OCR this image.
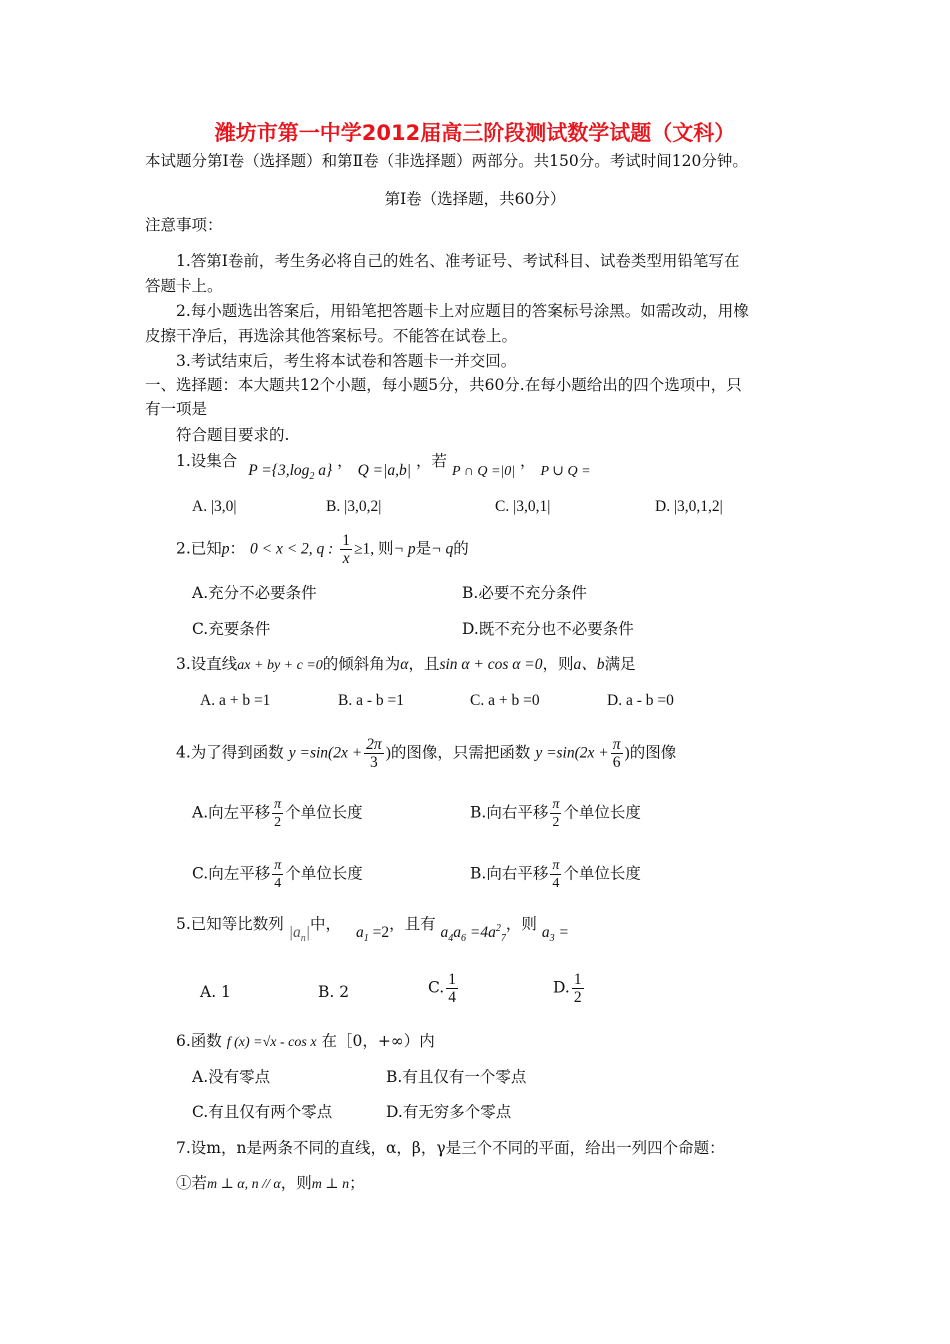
潍坊市第一中学2012届高三阶段测试数学试题（文科）
本试题分第Ⅰ卷（选择题）和第Ⅱ卷（非选择题）两部分。共150分。考试时间120分钟。
第Ⅰ卷（选择题，共60分）
注意事项：
1.答第Ⅰ卷前，考生务必将自己的姓名、准考证号、考试科目、试卷类型用铅笔写在
答题卡上。
2.每小题选出答案后，用铅笔把答题卡上对应题目的答案标号涂黑。如需改动，用橡
皮擦干净后，再选涂其他答案标号。不能答在试卷上。
3.考试结束后，考生将本试卷和答题卡一并交回。
一、选择题：本大题共12个小题，每小题5分，共60分.在每小题给出的四个选项中，只
有一项是
符合题目要求的.
1.设集合 $P =\{3,\log_2$ a} ， Q =|a,b| ，若 P ∩ Q =|0| ， P ∪ Q =
A. |3,0|	B. |3,0,2|	C. |3,0,1|	D. |3,0,1,2|
2.已知p： 0 < x < 2, q : $\frac{1}{x} \ge 1$, 则¬ p是¬ q的
A.充分不必要条件	B.必要不充分条件
C.充要条件	D.既不充分也不必要条件
3.设直线ax + by + c =0的倾斜角为α，且sin α + cos α =0，则a、b满足
A. a + b =1	B. a - b =1	C. a + b =0	D. a - b =0
4.为了得到函数 $y =\sin(2x + \frac{2\pi}{3}$ )的图像，只需把函数 $y =\sin(2x + \frac{\pi}{6}$ )的图像
A.向左平移 $\frac{\pi}{2}$ 个单位长度	B.向右平移 $\frac{\pi}{2}$ 个单位长度
C.向左平移 $\frac{\pi}{4}$ 个单位长度	B.向右平移 $\frac{\pi}{4}$ 个单位长度
5.已知等比数列 $|a_n|$中， $a_1 =2$，且有 $a_4a_6 =4a^2_7$，则 $a_3$ =
A. 1	B. 2	C. $\frac{1}{4}$	D. $\frac{1}{2}$
6.函数 f (x) =√x - cos x 在［0，+∞）内
A.没有零点	B.有且仅有一个零点
C.有且仅有两个零点	D.有无穷多个零点
7.设m，n是两条不同的直线，α，β，γ是三个不同的平面，给出一列四个命题：
①若m ⊥ α, n // α，则m ⊥ n；
